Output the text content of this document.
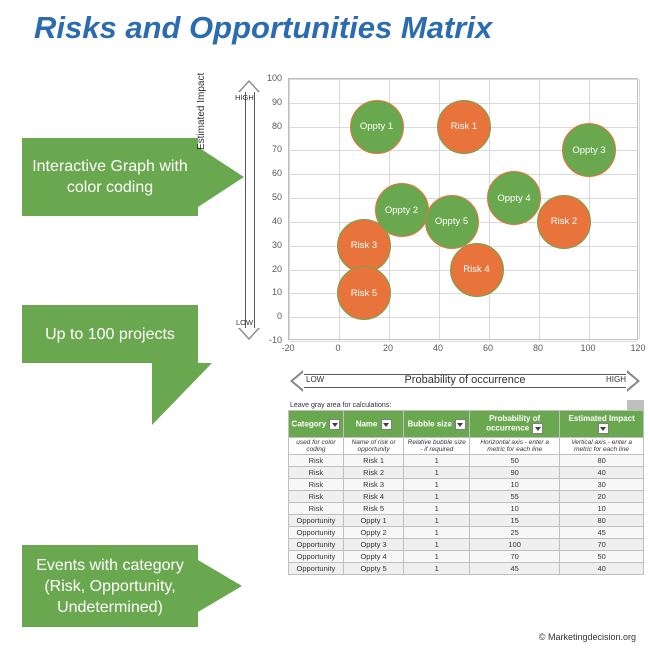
Risks and Opportunities Matrix
Interactive Graph with color coding
Up to 100 projects
Events with category (Risk, Opportunity, Undetermined)
HIGH
LOW
Estimated Impact	Oppty 1	Risk 1
Oppty 3
Oppty 4
Oppty 2
Oppty 5	Risk 2
Risk 3
Risk 4
Risk 5
-20	0	20	40	60	80	100	120
-10
0
10
20
30
40
50
60
70
80
90
100
LOW	Probability of occurrence	HIGH
Leave gray area for calculations:	
Category	Name	Bubble size	Probability of occurrence	Estimated Impact
used for color coding	Name of risk or opportunity	Relative bubble size - if required	Horizontal axis - enter a metric for each line	Vertical axis - enter a metric for each line
Risk	Risk 1	1	50	80
Risk	Risk 2	1	90	40
Risk	Risk 3	1	10	30
Risk	Risk 4	1	55	20
Risk	Risk 5	1	10	10
Opportunity	Oppty 1	1	15	80
Opportunity	Oppty 2	1	25	45
Opportunity	Oppty 3	1	100	70
Opportunity	Oppty 4	1	70	50
Opportunity	Oppty 5	1	45	40
© Marketingdecision.org
